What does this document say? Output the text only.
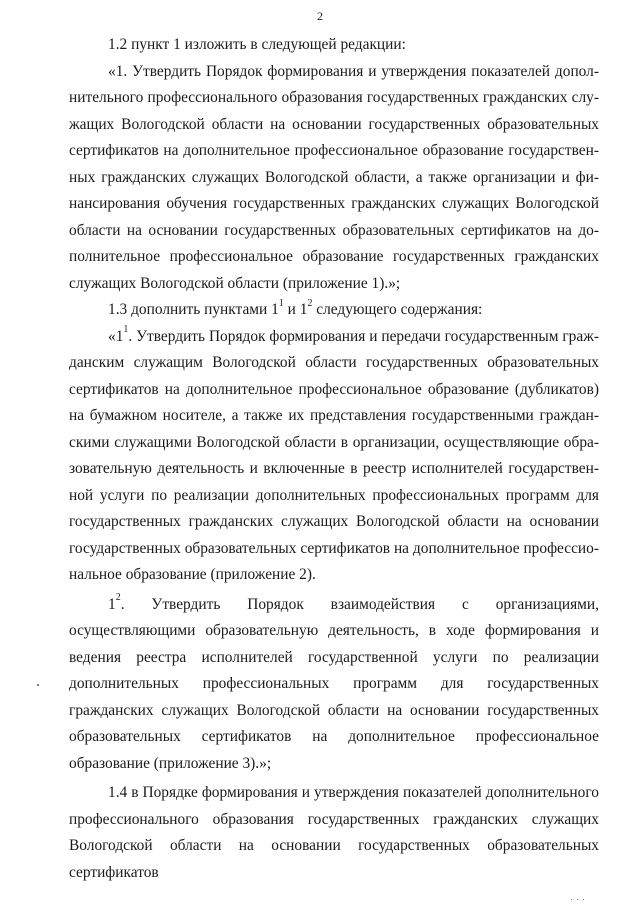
2

1.2 пункт 1 изложить в следующей редакции:

«1. Утвердить Порядок формирования и утверждения показателей дополнительного профессионального образования государственных гражданских служащих Вологодской области на основании государственных образовательных сертификатов на дополнительное профессиональное образование государственных гражданских служащих Вологодской области, а также организации и финансирования обучения государственных гражданских служащих Вологодской области на основании государственных образовательных сертификатов на дополнительное профессиональное образование государственных гражданских служащих Вологодской области (приложение 1).»;

1.3 дополнить пунктами $1^1$ и $1^2$ следующего содержания:

«$1^1$. Утвердить Порядок формирования и передачи государственным гражданским служащим Вологодской области государственных образовательных сертификатов на дополнительное профессиональное образование (дубликатов) на бумажном носителе, а также их представления государственными гражданскими служащими Вологодской области в организации, осуществляющие образовательную деятельность и включенные в реестр исполнителей государственной услуги по реализации дополнительных профессиональных программ для государственных гражданских служащих Вологодской области на основании государственных образовательных сертификатов на дополнительное профессиональное образование (приложение 2).

$1^2$. Утвердить Порядок взаимодействия с организациями, осуществляющими образовательную деятельность, в ходе формирования и ведения реестра исполнителей государственной услуги по реализации дополнительных профессиональных программ для государственных гражданских служащих Вологодской области на основании государственных образовательных сертификатов на дополнительное профессиональное образование (приложение 3).»;

1.4 в Порядке формирования и утверждения показателей дополнительного профессионального образования государственных гражданских служащих Вологодской области на основании государственных образовательных сертификатов
